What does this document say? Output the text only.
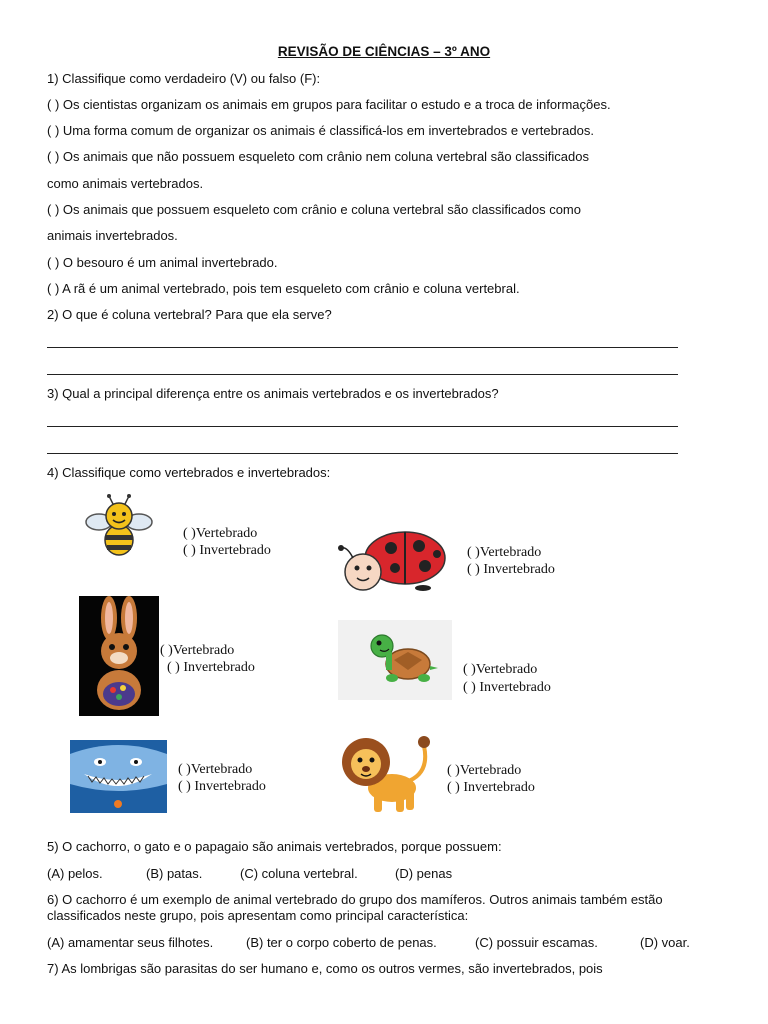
REVISÃO DE CIÊNCIAS – 3º ANO
1) Classifique como verdadeiro (V) ou falso (F):
( ) Os cientistas organizam os animais em grupos para facilitar o estudo e a troca de informações.
( ) Uma forma comum de organizar os animais é classificá-los em invertebrados e vertebrados.
( ) Os animais que não possuem esqueleto com crânio nem coluna vertebral são classificados
como animais vertebrados.
( ) Os animais que possuem esqueleto com crânio e coluna vertebral são classificados como
animais invertebrados.
( ) O besouro é um animal invertebrado.
( ) A rã é um animal vertebrado, pois tem esqueleto com crânio e coluna vertebral.
2) O que é coluna vertebral? Para que ela serve?
3) Qual a principal diferença entre os animais vertebrados e os invertebrados?
4) Classifique como vertebrados e invertebrados:
( )Vertebrado
( ) Invertebrado	( )Vertebrado
( ) Invertebrado
( )Vertebrado
( ) Invertebrado	( )Vertebrado
( ) Invertebrado
( )Vertebrado
( ) Invertebrado
( )Vertebrado
( ) Invertebrado
5) O cachorro, o gato e o papagaio são animais vertebrados, porque possuem:
(A) pelos.	(B) patas.	(C) coluna vertebral.	(D) penas
6) O cachorro é um exemplo de animal vertebrado do grupo dos mamíferos. Outros animais também estão
classificados neste grupo, pois apresentam como principal característica:
(A) amamentar seus filhotes.	(B) ter o corpo coberto de penas.	(C) possuir escamas.	(D) voar.
7) As lombrigas são parasitas do ser humano e, como os outros vermes, são invertebrados, pois
